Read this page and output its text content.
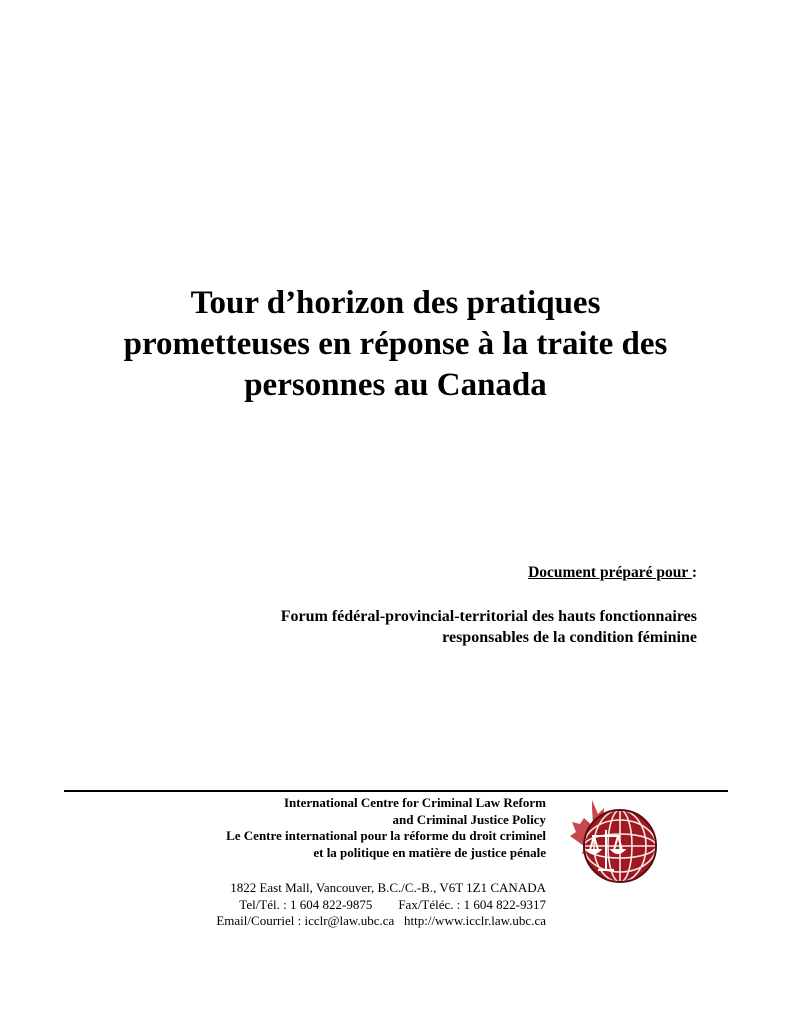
Tour d’horizon des pratiques
prometteuses en réponse à la traite des
personnes au Canada
Document préparé pour :
Forum fédéral-provincial-territorial des hauts fonctionnaires
responsables de la condition féminine
International Centre for Criminal Law Reform
and Criminal Justice Policy
Le Centre international pour la réforme du droit criminel
et la politique en matière de justice pénale
1822 East Mall, Vancouver, B.C./C.-B., V6T 1Z1 CANADA
Tel/Tél. : 1 604 822-9875        Fax/Téléc. : 1 604 822-9317
Email/Courriel : icclr@law.ubc.ca   http://www.icclr.law.ubc.ca
